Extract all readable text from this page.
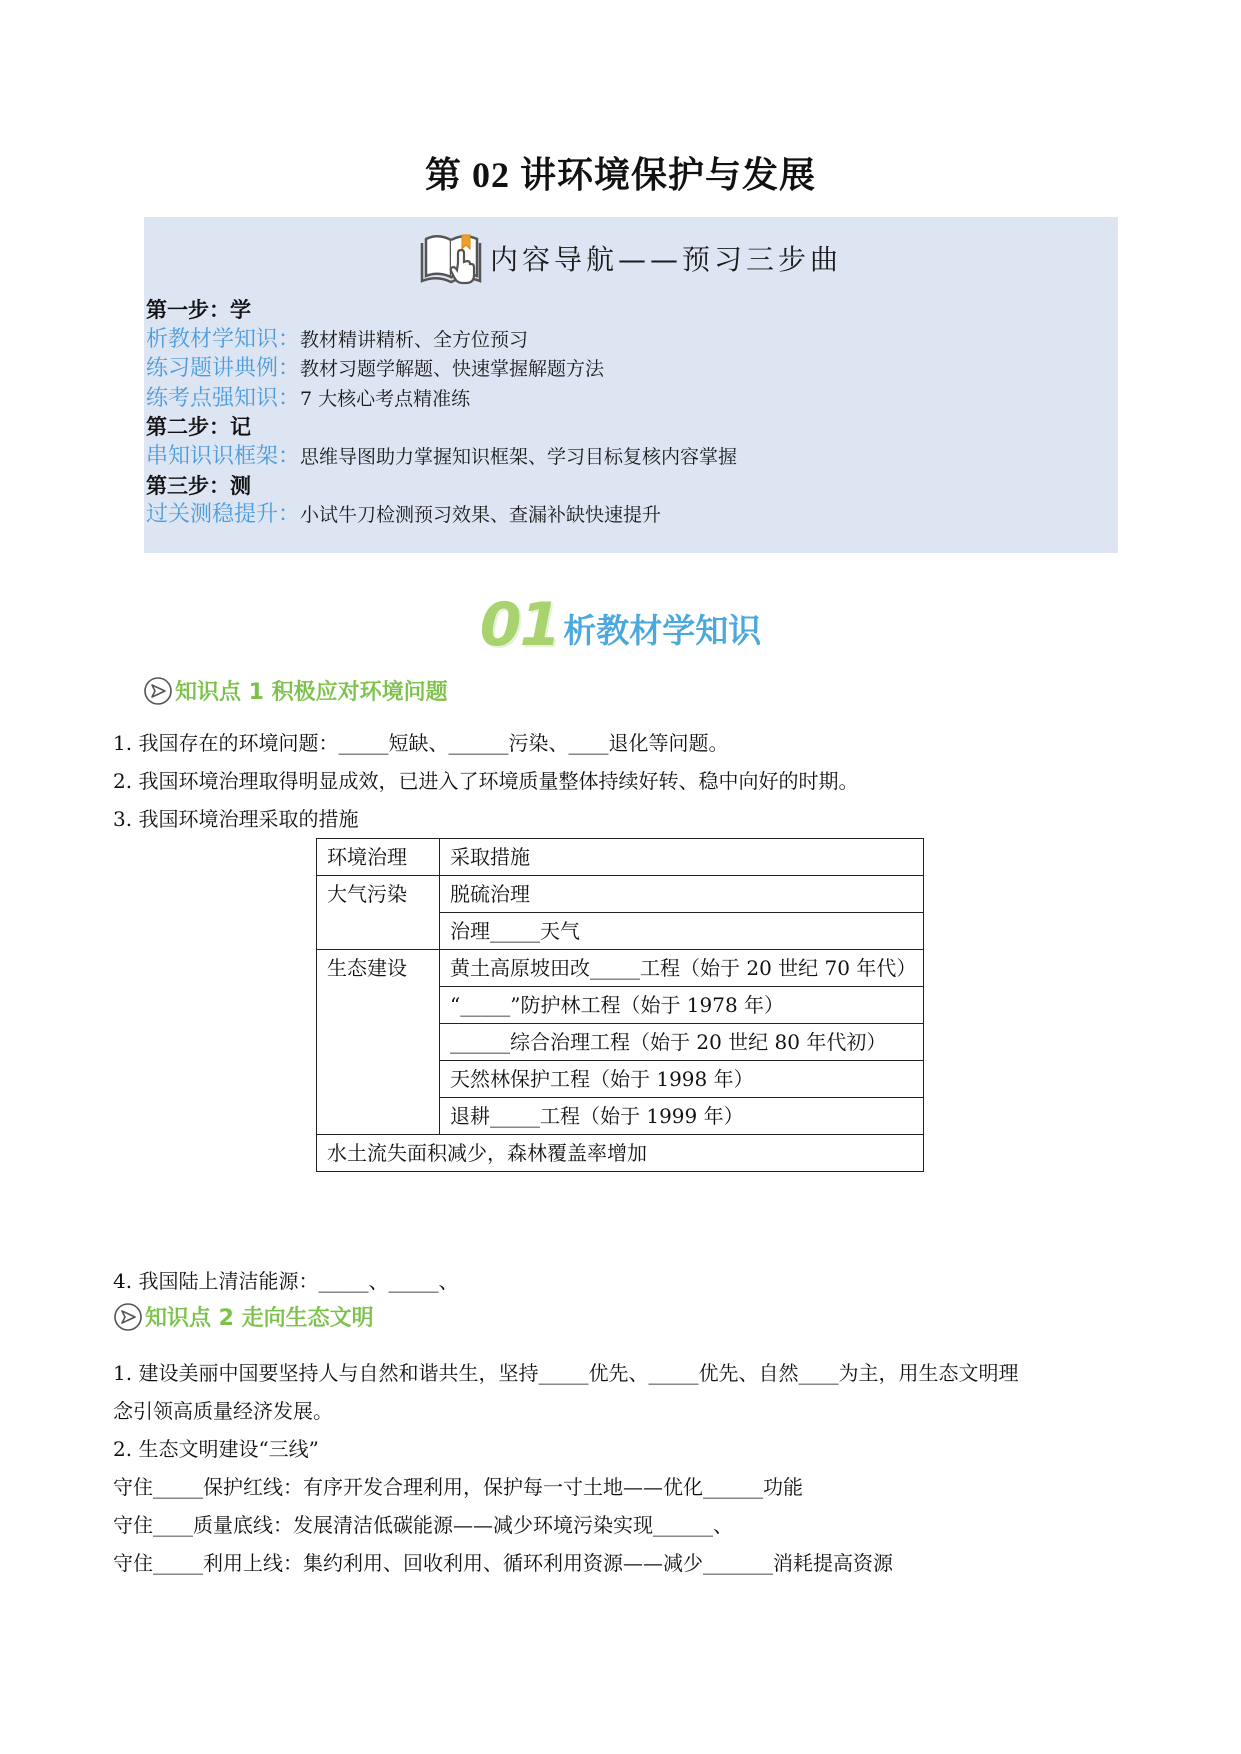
第 02 讲环境保护与发展
内容导航——预习三步曲
第一步：学
析教材学知识：教材精讲精析、全方位预习
练习题讲典例：教材习题学解题、快速掌握解题方法
练考点强知识：7 大核心考点精准练
第二步：记
串知识识框架：思维导图助力掌握知识框架、学习目标复核内容掌握
第三步：测
过关测稳提升：小试牛刀检测预习效果、查漏补缺快速提升
01 析教材学知识
知识点 1 积极应对环境问题
1. 我国存在的环境问题：_____短缺、______污染、____退化等问题。
2. 我国环境治理取得明显成效，已进入了环境质量整体持续好转、稳中向好的时期。
3. 我国环境治理采取的措施
环境治理	采取措施
大气污染	脱硫治理
	治理_____天气
生态建设	黄土高原坡田改_____工程（始于 20 世纪 70 年代）
	“_____”防护林工程（始于 1978 年）
	______综合治理工程（始于 20 世纪 80 年代初）
	天然林保护工程（始于 1998 年）
	退耕_____工程（始于 1999 年）
水土流失面积减少，森林覆盖率增加	
4. 我国陆上清洁能源：_____、_____、
知识点 2 走向生态文明
1. 建设美丽中国要坚持人与自然和谐共生，坚持_____优先、_____优先、自然____为主，用生态文明理
念引领高质量经济发展。
2. 生态文明建设“三线”
守住_____保护红线：有序开发合理利用，保护每一寸土地——优化______功能
守住____质量底线：发展清洁低碳能源——减少环境污染实现______、
守住_____利用上线：集约利用、回收利用、循环利用资源——减少_______消耗提高资源
